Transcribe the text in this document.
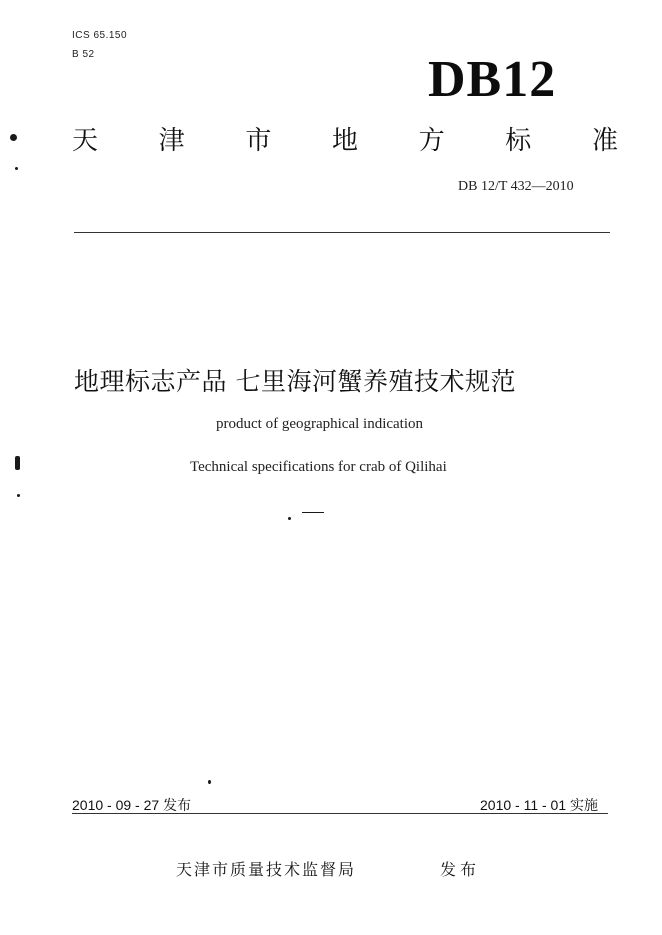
ICS 65.150
B 52	DB12
天 津 市 地 方 标 准
DB 12/T 432—2010
地理标志产品 七里海河蟹养殖技术规范
product of geographical indication
Technical specifications for crab of Qilihai
2010 - 09 - 27 发布	2010 - 11 - 01 实施
天津市质量技术监督局	发布
